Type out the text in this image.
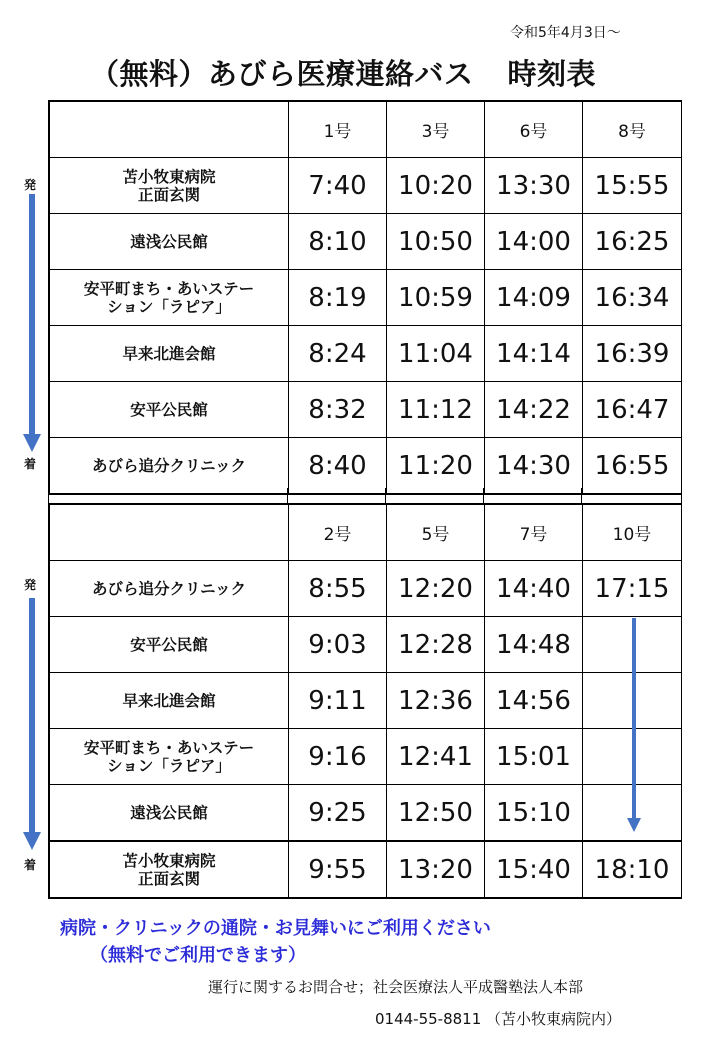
令和5年4月3日～
（無料）あびら医療連絡バス 時刻表
	1号	3号	6号	8号
苫小牧東病院
正面玄関	7:40	10:20	13:30	15:55
遠浅公民館	8:10	10:50	14:00	16:25
安平町まち・あいステー
ション「ラピア」	8:19	10:59	14:09	16:34
早来北進会館	8:24	11:04	14:14	16:39
安平公民館	8:32	11:12	14:22	16:47
あびら追分クリニック	8:40	11:20	14:30	16:55
	2号	5号	7号	10号
あびら追分クリニック	8:55	12:20	14:40	17:15
安平公民館	9:03	12:28	14:48	
早来北進会館	9:11	12:36	14:56	
安平町まち・あいステー
ション「ラピア」	9:16	12:41	15:01	
遠浅公民館	9:25	12:50	15:10	
苫小牧東病院
正面玄関	9:55	13:20	15:40	18:10
発
着
発
着
病院・クリニックの通院・お見舞いにご利用ください
（無料でご利用できます）
運行に関するお問合せ；社会医療法人平成醫塾法人本部
0144-55-8811 （苫小牧東病院内）
